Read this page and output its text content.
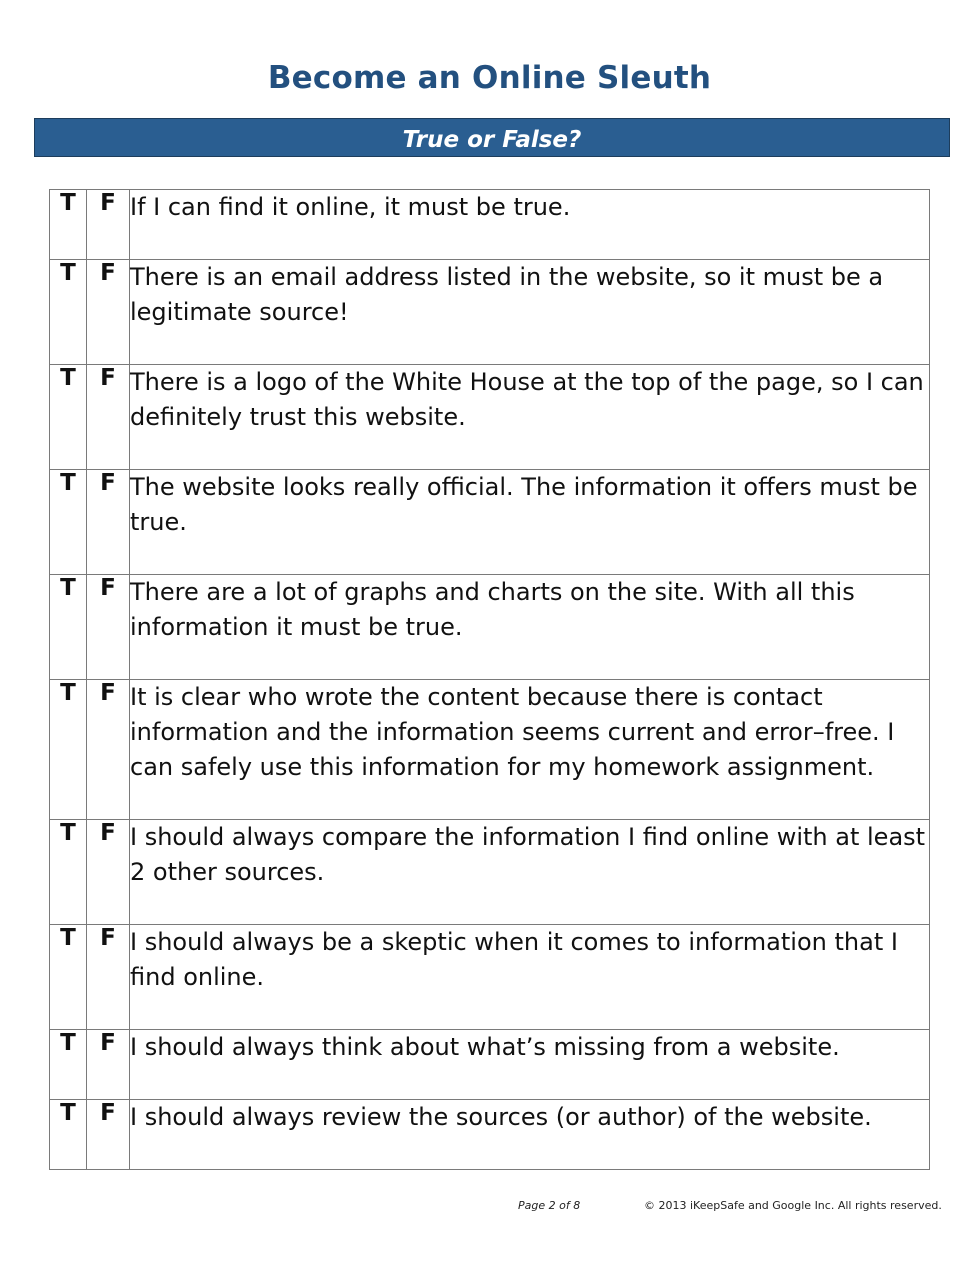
Become an Online Sleuth
True or False?
T	F	If I can find it online, it must be true.
T	F	There is an email address listed in the website, so it must be a legitimate source!
T	F	There is a logo of the White House at the top of the page, so I can definitely trust this website.
T	F	The website looks really official. The information it offers must be true.
T	F	There are a lot of graphs and charts on the site. With all this information it must be true.
T	F	It is clear who wrote the content because there is contact information and the information seems current and error–free. I can safely use this information for my homework assignment.
T	F	I should always compare the information I find online with at least 2 other sources.
T	F	I should always be a skeptic when it comes to information that I find online.
T	F	I should always think about what’s missing from a website.
T	F	I should always review the sources (or author) of the website.
Page 2 of 8	© 2013 iKeepSafe and Google Inc. All rights reserved.
